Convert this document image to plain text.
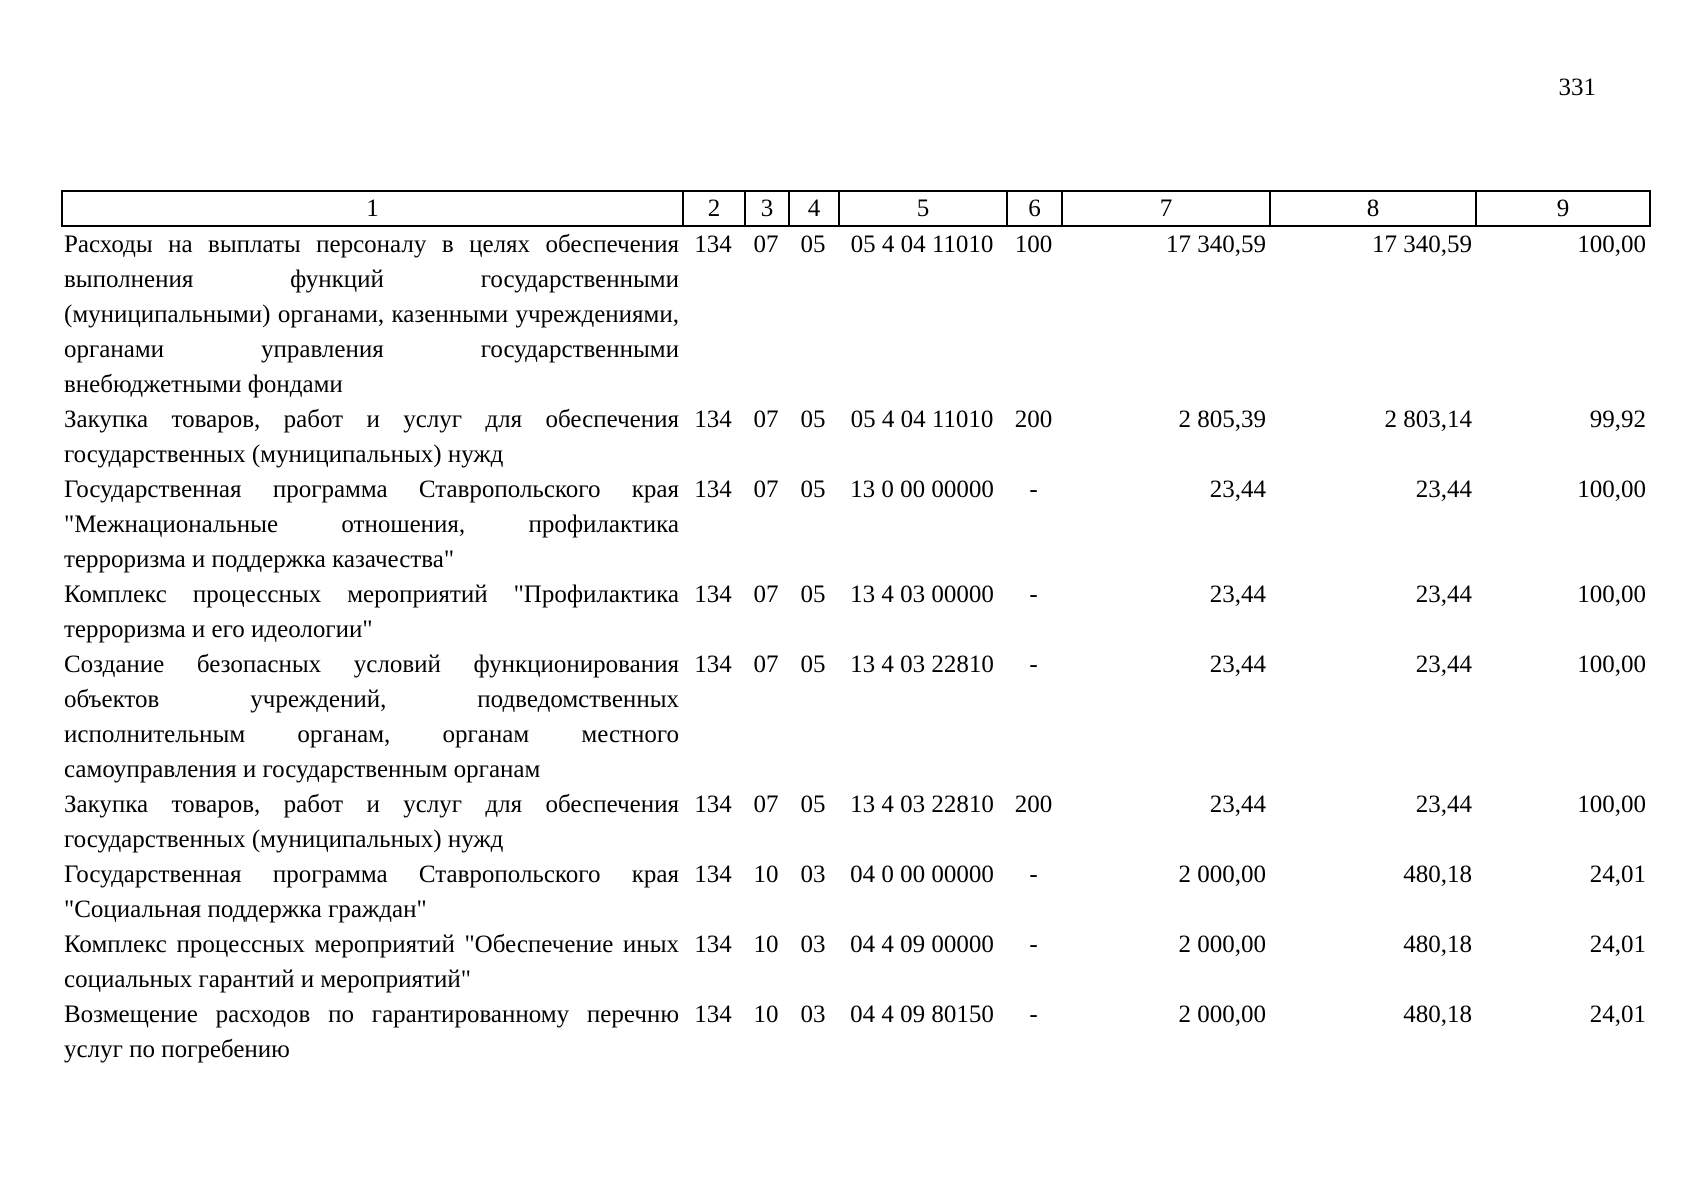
331
1	2	3	4	5	6	7	8	9
Расходы на выплаты персоналу в целях обеспечения выполнения функций государственными (муниципальными) органами, казенными учреждениями, органами управления государственными внебюджетными фондами	134	07	05	05 4 04 11010	100	17 340,59	17 340,59	100,00
Закупка товаров, работ и услуг для обеспечения государственных (муниципальных) нужд	134	07	05	05 4 04 11010	200	2 805,39	2 803,14	99,92
Государственная программа Ставропольского края "Межнациональные отношения, профилактика терроризма и поддержка казачества"	134	07	05	13 0 00 00000	-	23,44	23,44	100,00
Комплекс процессных мероприятий "Профилактика терроризма и его идеологии"	134	07	05	13 4 03 00000	-	23,44	23,44	100,00
Создание безопасных условий функционирования объектов учреждений, подведомственных исполнительным органам, органам местного самоуправления и государственным органам	134	07	05	13 4 03 22810	-	23,44	23,44	100,00
Закупка товаров, работ и услуг для обеспечения государственных (муниципальных) нужд	134	07	05	13 4 03 22810	200	23,44	23,44	100,00
Государственная программа Ставропольского края "Социальная поддержка граждан"	134	10	03	04 0 00 00000	-	2 000,00	480,18	24,01
Комплекс процессных мероприятий "Обеспечение иных социальных гарантий и мероприятий"	134	10	03	04 4 09 00000	-	2 000,00	480,18	24,01
Возмещение расходов по гарантированному перечню услуг по погребению	134	10	03	04 4 09 80150	-	2 000,00	480,18	24,01
